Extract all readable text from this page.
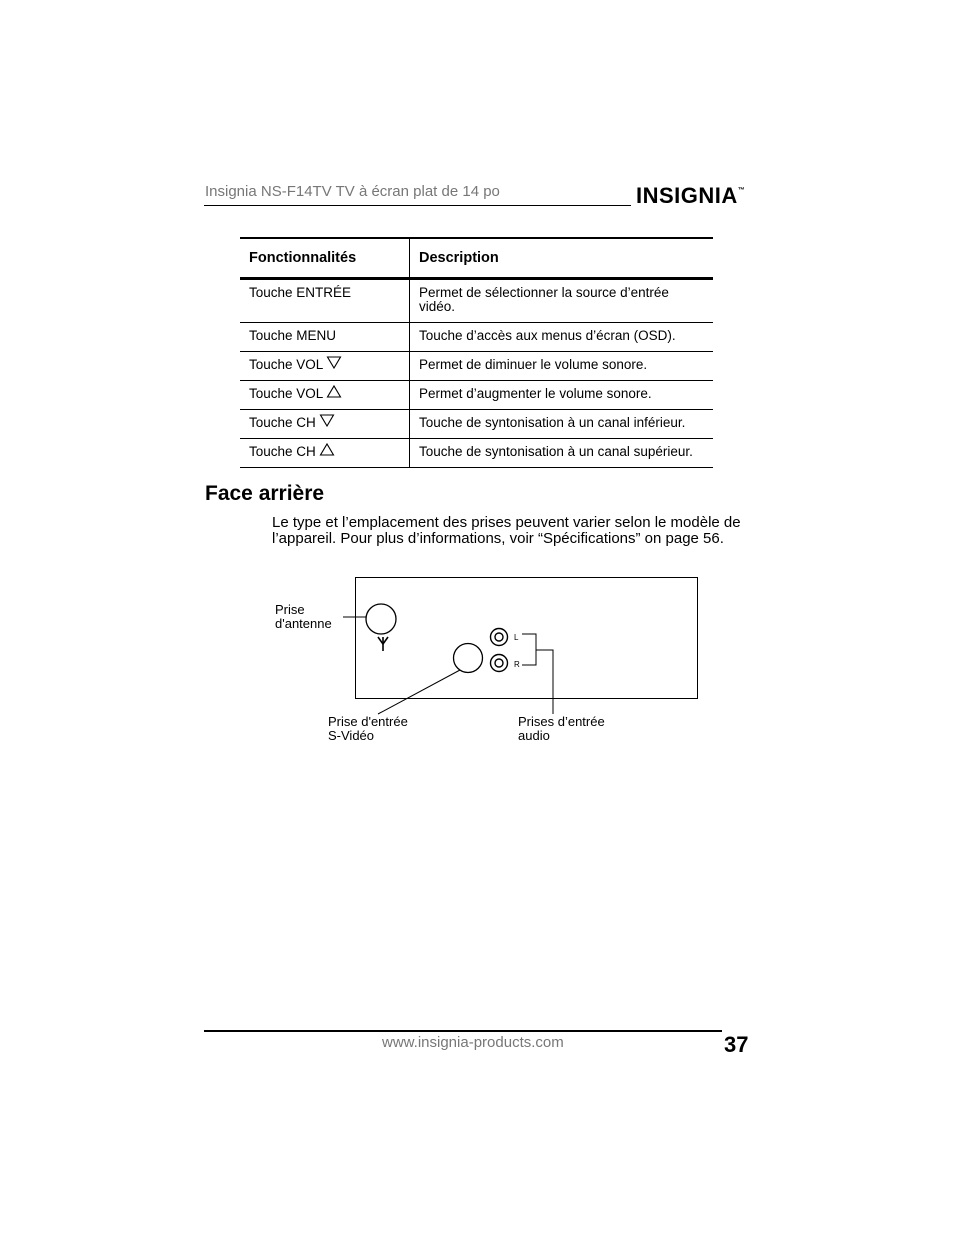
Insignia NS-F14TV TV à écran plat de 14 po	INSIGNIA™
Fonctionnalités	Description
Touche ENTRÉE	Permet de sélectionner la source d’entrée vidéo.
Touche MENU	Touche d’accès aux menus d’écran (OSD).
Touche VOL	Permet de diminuer le volume sonore.
Touche VOL	Permet d’augmenter le volume sonore.
Touche CH	Touche de syntonisation à un canal inférieur.
Touche CH	Touche de syntonisation à un canal supérieur.
Face arrière
Le type et l’emplacement des prises peuvent varier selon le modèle de l’appareil. Pour plus d’informations, voir “Spécifications” on page 56.
L
R
Prise
d'antenne
Prise d'entrée
S-Vidéo
Prises d’entrée
audio
www.insignia-products.com	37
